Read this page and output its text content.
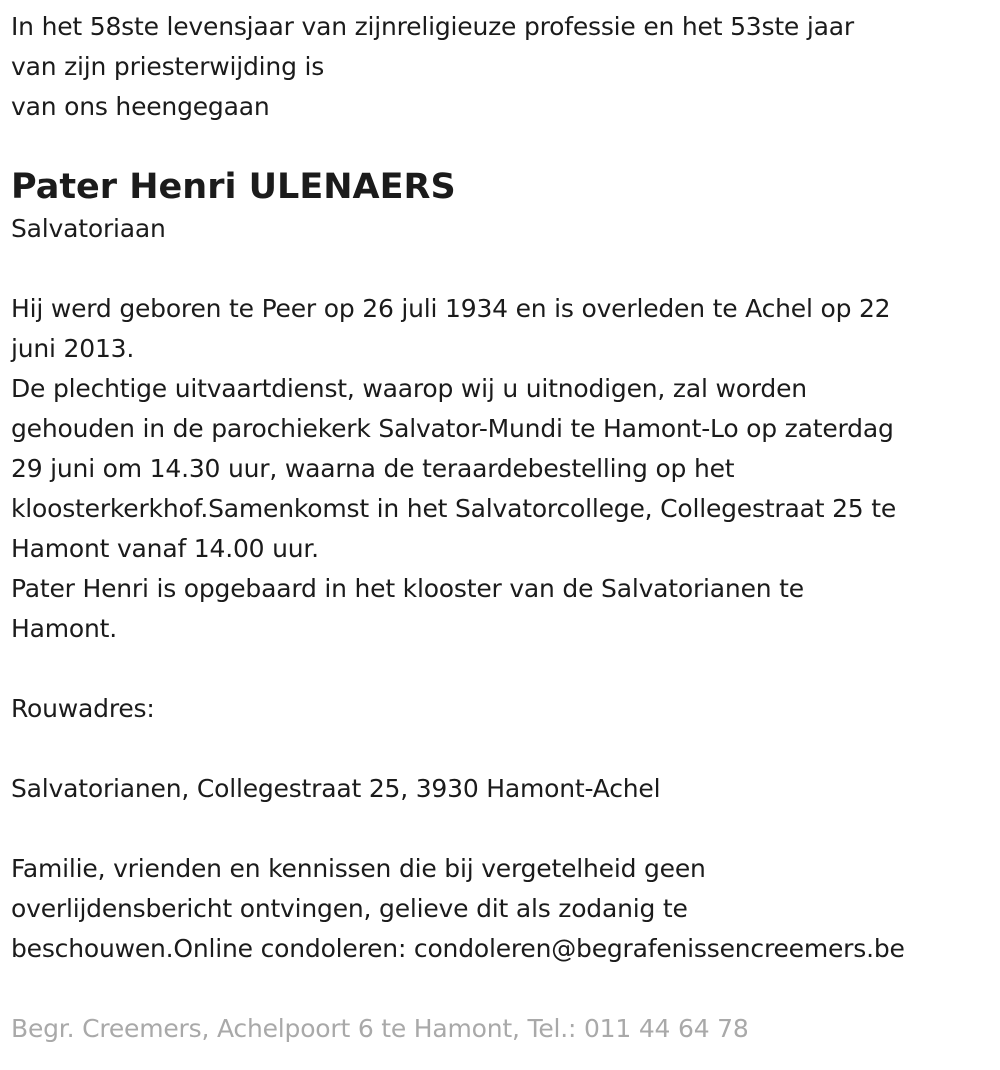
In het 58ste levensjaar van zijnreligieuze professie en het 53ste jaar
van zijn priesterwijding is
van ons heengegaan
Pater Henri ULENAERS
Salvatoriaan
Hij werd geboren te Peer op 26 juli 1934 en is overleden te Achel op 22
juni 2013.
De plechtige uitvaartdienst, waarop wij u uitnodigen, zal worden
gehouden in de parochiekerk Salvator-Mundi te Hamont-Lo op zaterdag
29 juni om 14.30 uur, waarna de teraardebestelling op het
kloosterkerkhof.Samenkomst in het Salvatorcollege, Collegestraat 25 te
Hamont vanaf 14.00 uur.
Pater Henri is opgebaard in het klooster van de Salvatorianen te
Hamont.
Rouwadres:
Salvatorianen, Collegestraat 25, 3930 Hamont-Achel
Familie, vrienden en kennissen die bij vergetelheid geen
overlijdensbericht ontvingen, gelieve dit als zodanig te
beschouwen.Online condoleren: condoleren@begrafenissencreemers.be
Begr. Creemers, Achelpoort 6 te Hamont, Tel.: 011 44 64 78
